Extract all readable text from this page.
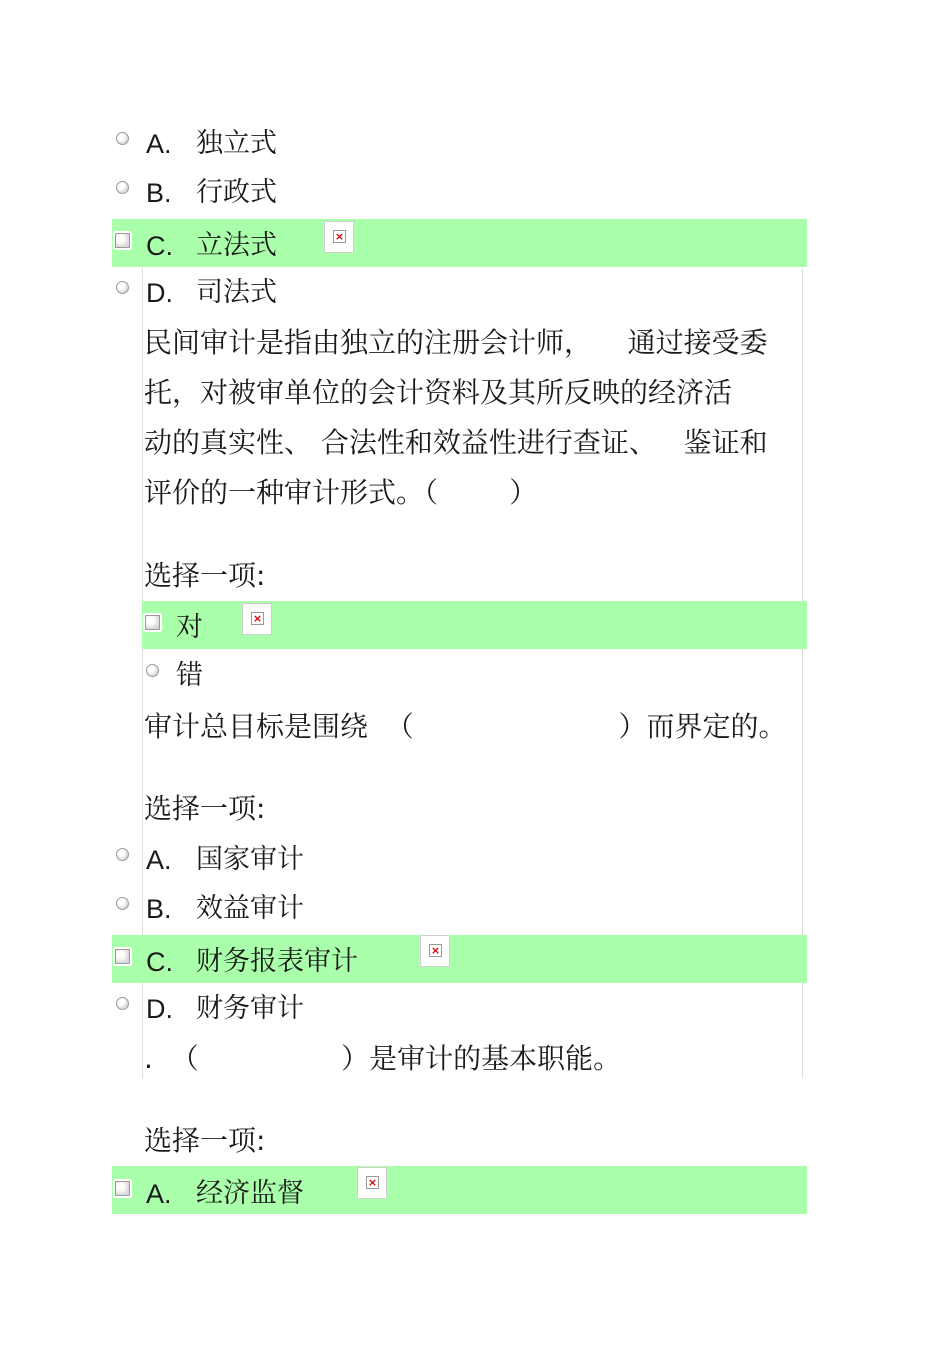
A. 独立式
B. 行政式
C. 立法式	×
D. 司法式
民间审计是指由独立的注册会计师，    通过接受委
托，对被审单位的会计资料及其所反映的经济活
动的真实性、 合法性和效益性进行查证、   鉴证和
评价的一种审计形式。（        ）
选择一项:
对	×
错
审计总目标是围绕  （                       ）而界定的。
选择一项:
A. 国家审计
B. 效益审计
C. 财务报表审计	×
D. 财务审计
.  （                ）是审计的基本职能。
选择一项:
A. 经济监督	×
